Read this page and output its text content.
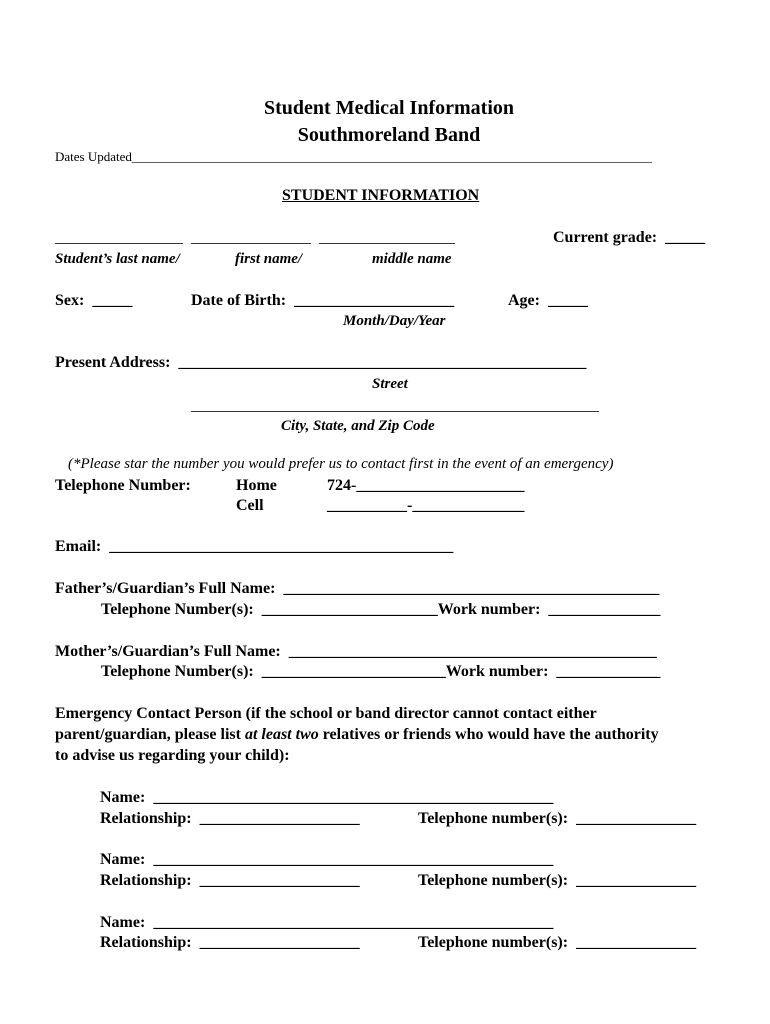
Student Medical Information
Southmoreland Band
Dates Updated________________________________________________________________________________
STUDENT INFORMATION
________________  _______________  _________________	Current grade:  _____
Student’s last name/	first name/	middle name
Sex:  _____	Date of Birth:  ____________________	Age:  _____
Month/Day/Year
Present Address:  ___________________________________________________
Street
___________________________________________________
City, State, and Zip Code
(*Please star the number you would prefer us to contact first in the event of an emergency)
Telephone Number:	Home	724-_____________________
Cell	__________-______________
Email:  ___________________________________________
Father’s/Guardian’s Full Name:  _______________________________________________
Telephone Number(s):  ______________________Work number:  ______________
Mother’s/Guardian’s Full Name:  ______________________________________________
Telephone Number(s):  _______________________Work number:  _____________
Emergency Contact Person (if the school or band director cannot contact either
parent/guardian, please list at least two relatives or friends who would have the authority
to advise us regarding your child):
Name:  __________________________________________________
Relationship:  ____________________	Telephone number(s):  _______________
Name:  __________________________________________________
Relationship:  ____________________	Telephone number(s):  _______________
Name:  __________________________________________________
Relationship:  ____________________	Telephone number(s):  _______________
